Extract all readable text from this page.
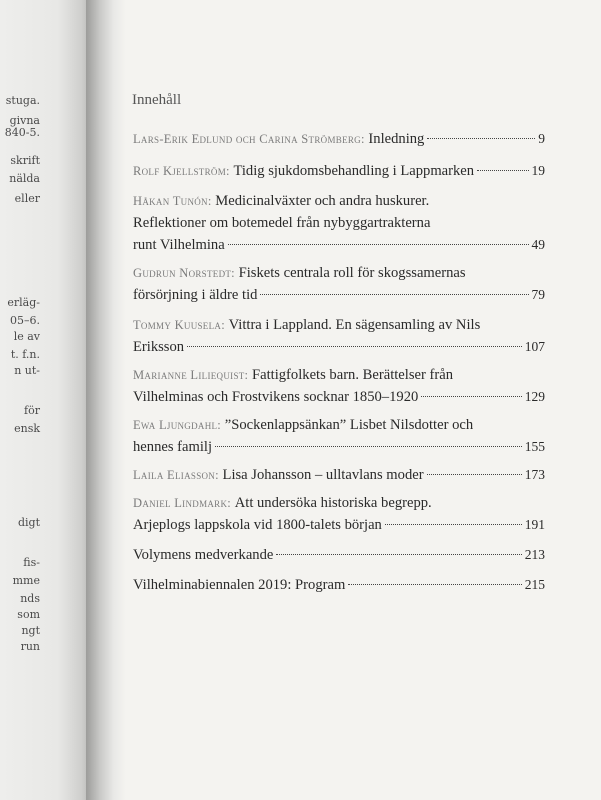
stuga.
givna
840-5.
skrift
nälda
eller
erläg-
05–6.
le av
t. f.n.
n ut-
för
ensk
digt
fis-
mme
nds
som
ngt
run
Innehåll
Lars-Erik Edlund och Carina Strömberg:
Inledning	9
Rolf Kjellström:
Tidig sjukdomsbehandling i Lappmarken	19
Håkan Tunón:
Medicinalväxter och andra huskurer.
Reflektioner om botemedel från nybyggartrakterna
runt Vilhelmina	49
Gudrun Norstedt:
Fiskets centrala roll för skogssamernas
försörjning i äldre tid	79
Tommy Kuusela:
Vittra i Lappland. En sägensamling av Nils
Eriksson	107
Marianne Liliequist:
Fattigfolkets barn. Berättelser från
Vilhelminas och Frostvikens socknar 1850–1920	129
Ewa Ljungdahl:
”Sockenlappsänkan” Lisbet Nilsdotter och
hennes familj	155
Laila Eliasson:
Lisa Johansson – ulltavlans moder	173
Daniel Lindmark:
Att undersöka historiska begrepp.
Arjeplogs lappskola vid 1800-talets början	191
Volymens medverkande	213
Vilhelminabiennalen 2019: Program	215
